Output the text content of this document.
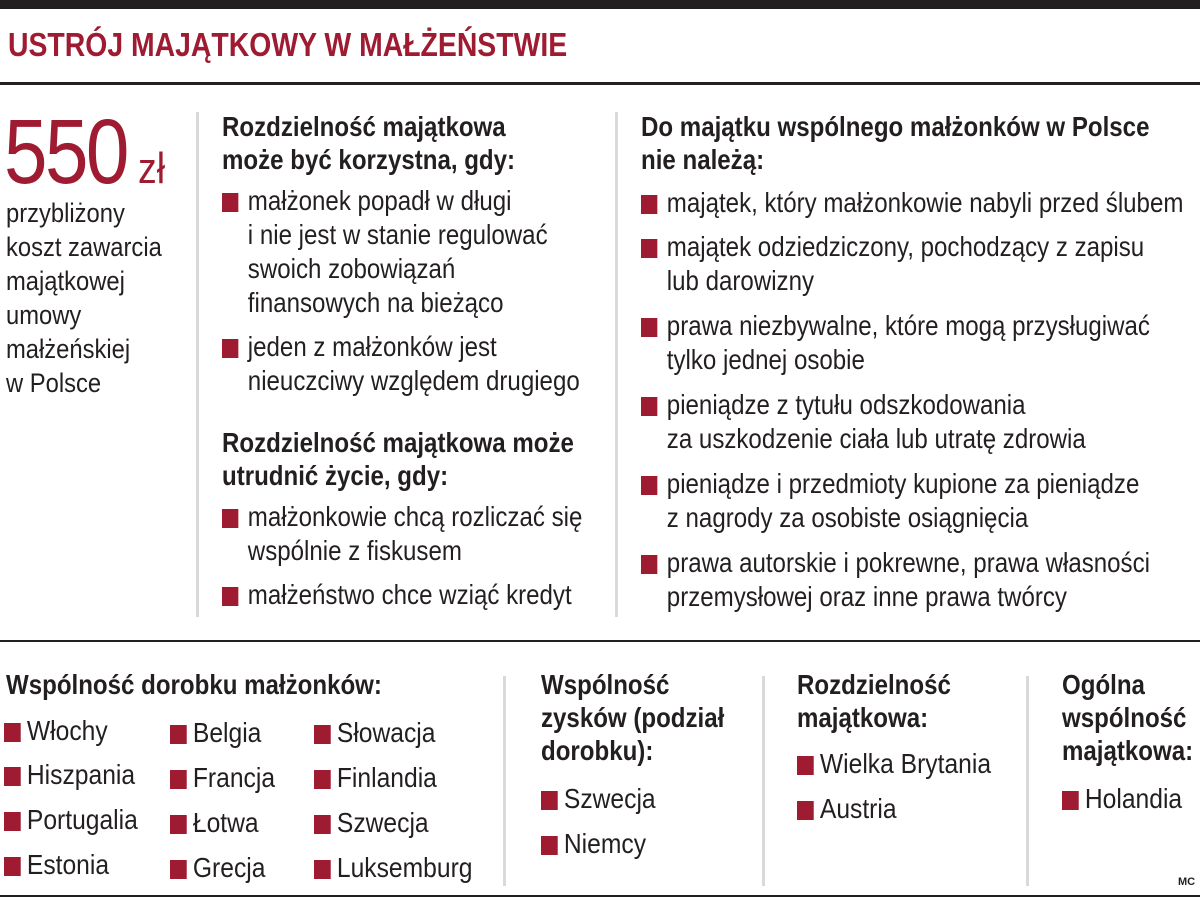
USTRÓJ MAJĄTKOWY W MAŁŻEŃSTWIE
550 zł
przybliżony
koszt zawarcia
majątkowej
umowy
małżeńskiej
w Polsce
Rozdzielność majątkowa
może być korzystna, gdy:
małżonek popadł w długi
i nie jest w stanie regulować
swoich zobowiązań
finansowych na bieżąco
jeden z małżonków jest
nieuczciwy względem drugiego
Rozdzielność majątkowa może
utrudnić życie, gdy:
małżonkowie chcą rozliczać się
wspólnie z fiskusem
małżeństwo chce wziąć kredyt
Do majątku wspólnego małżonków w Polsce
nie należą:
majątek, który małżonkowie nabyli przed ślubem
majątek odziedziczony, pochodzący z zapisu
lub darowizny
prawa niezbywalne, które mogą przysługiwać
tylko jednej osobie
pieniądze z tytułu odszkodowania
za uszkodzenie ciała lub utratę zdrowia
pieniądze i przedmioty kupione za pieniądze
z nagrody za osobiste osiągnięcia
prawa autorskie i pokrewne, prawa własności
przemysłowej oraz inne prawa twórcy
Wspólność dorobku małżonków:
Włochy
Hiszpania
Portugalia
Estonia
Belgia
Francja
Łotwa
Grecja
Słowacja
Finlandia
Szwecja
Luksemburg
Wspólność
zysków (podział
dorobku):
Szwecja
Niemcy
Rozdzielność
majątkowa:
Wielka Brytania
Austria
Ogólna
wspólność
majątkowa:
Holandia
MC
